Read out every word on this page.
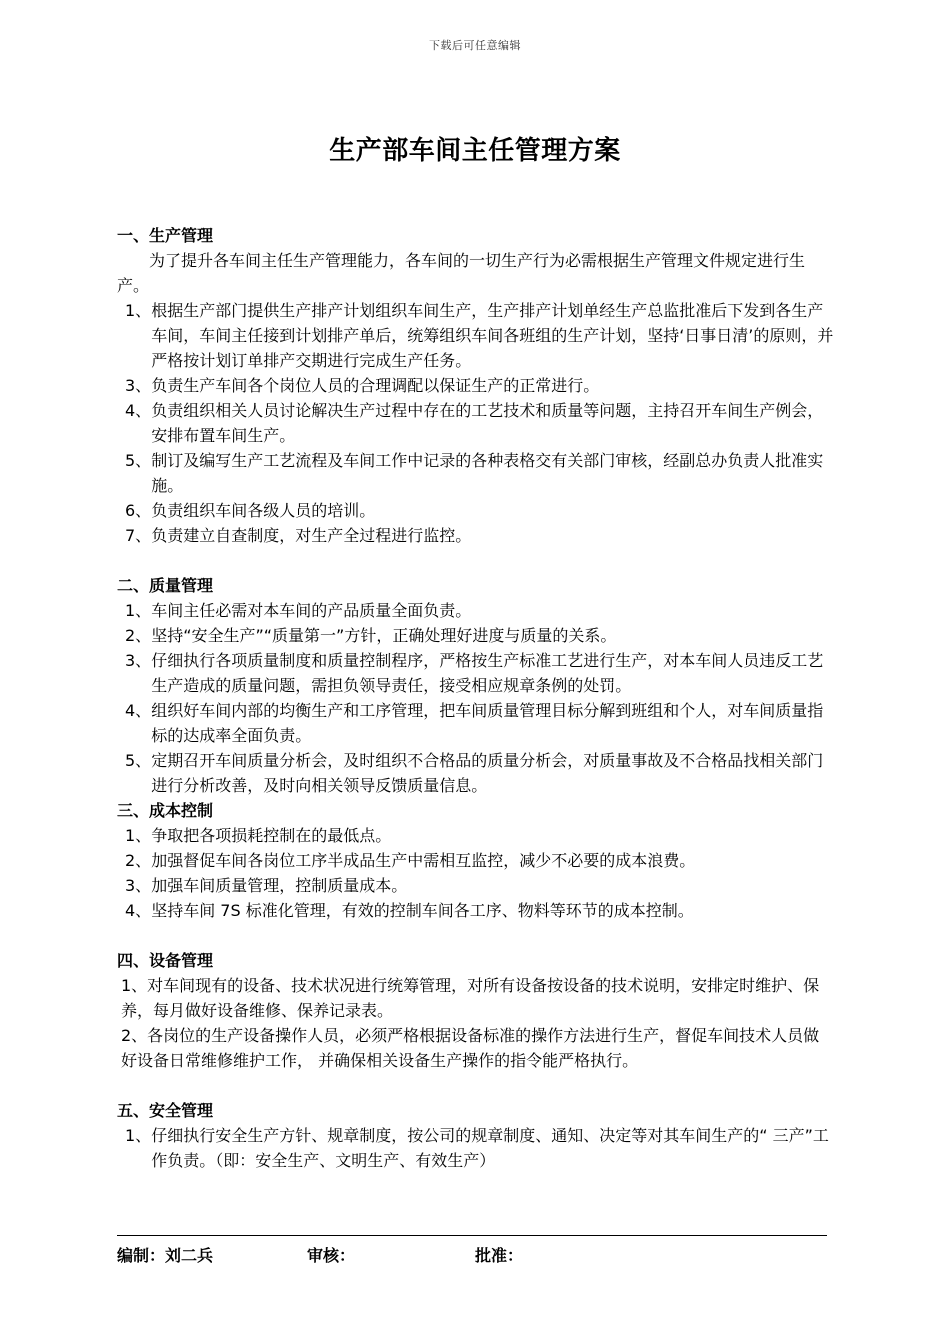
下载后可任意编辑
生产部车间主任管理方案
一、生产管理
为了提升各车间主任生产管理能力，各车间的一切生产行为必需根据生产管理文件规定进行生产。
1、 根据生产部门提供生产排产计划组织车间生产，生产排产计划单经生产总监批准后下发到各生产车间，车间主任接到计划排产单后，统筹组织车间各班组的生产计划，坚持‘日事日清’的原则，并严格按计划订单排产交期进行完成生产任务。
3、 负责生产车间各个岗位人员的合理调配以保证生产的正常进行。
4、 负责组织相关人员讨论解决生产过程中存在的工艺技术和质量等问题，主持召开车间生产例会，安排布置车间生产。
5、 制订及编写生产工艺流程及车间工作中记录的各种表格交有关部门审核，经副总办负责人批准实施。
6、 负责组织车间各级人员的培训。
7、 负责建立自查制度，对生产全过程进行监控。
二、质量管理
1、 车间主任必需对本车间的产品质量全面负责。
2、 坚持“安全生产”“质量第一”方针，正确处理好进度与质量的关系。
3、 仔细执行各项质量制度和质量控制程序，严格按生产标准工艺进行生产，对本车间人员违反工艺生产造成的质量问题，需担负领导责任，接受相应规章条例的处罚。
4、 组织好车间内部的均衡生产和工序管理，把车间质量管理目标分解到班组和个人，对车间质量指标的达成率全面负责。
5、 定期召开车间质量分析会，及时组织不合格品的质量分析会，对质量事故及不合格品找相关部门进行分析改善，及时向相关领导反馈质量信息。
三、成本控制
1、 争取把各项损耗控制在的最低点。
2、 加强督促车间各岗位工序半成品生产中需相互监控，减少不必要的成本浪费。
3、 加强车间质量管理，控制质量成本。
4、 坚持车间 7S 标准化管理，有效的控制车间各工序、物料等环节的成本控制。
四、设备管理
1、对车间现有的设备、技术状况进行统筹管理，对所有设备按设备的技术说明，安排定时维护、保养，每月做好设备维修、保养记录表。
2、各岗位的生产设备操作人员，必须严格根据设备标准的操作方法进行生产，督促车间技术人员做好设备日常维修维护工作， 并确保相关设备生产操作的指令能严格执行。
五、安全管理
1、 仔细执行安全生产方针、规章制度，按公司的规章制度、通知、决定等对其车间生产的“ 三产”工作负责。（即：安全生产、文明生产、有效生产）
编制：刘二兵	审核：	批准：
